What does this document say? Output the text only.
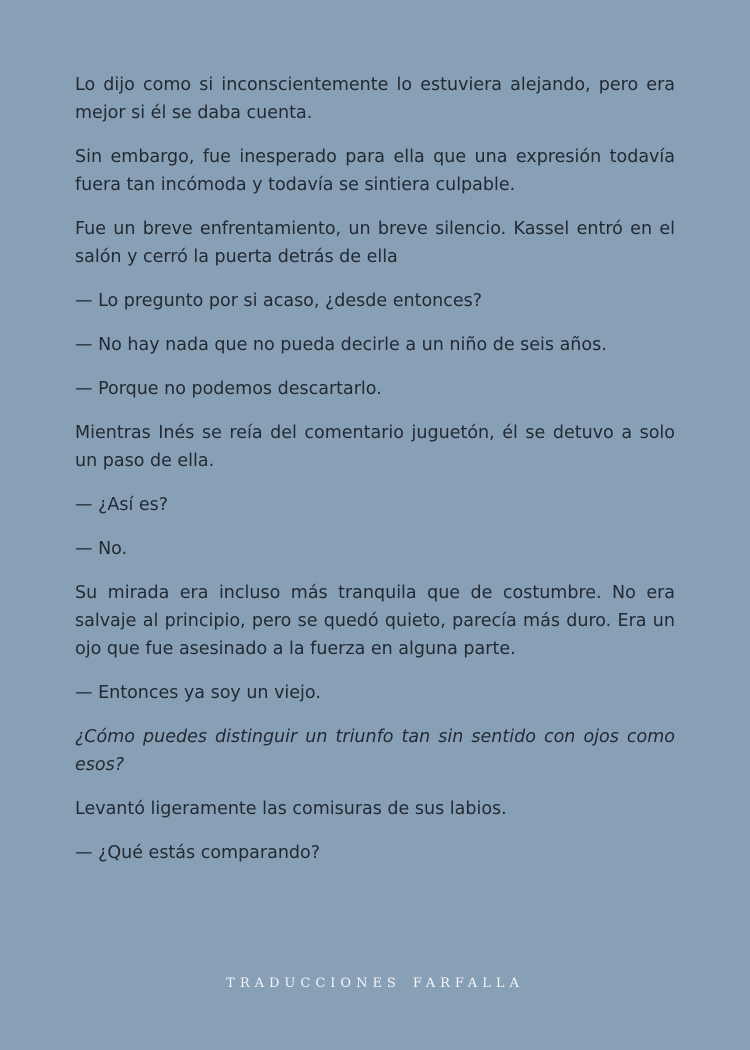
Lo dijo como si inconscientemente lo estuviera alejando, pero era mejor si él se daba cuenta.

Sin embargo, fue inesperado para ella que una expresión todavía fuera tan incómoda y todavía se sintiera culpable.

Fue un breve enfrentamiento, un breve silencio. Kassel entró en el salón y cerró la puerta detrás de ella

— Lo pregunto por si acaso, ¿desde entonces?

— No hay nada que no pueda decirle a un niño de seis años.

— Porque no podemos descartarlo.

Mientras Inés se reía del comentario juguetón, él se detuvo a solo un paso de ella.

— ¿Así es?

— No.

Su mirada era incluso más tranquila que de costumbre. No era salvaje al principio, pero se quedó quieto, parecía más duro. Era un ojo que fue asesinado a la fuerza en alguna parte.

— Entonces ya soy un viejo.

¿Cómo puedes distinguir un triunfo tan sin sentido con ojos como esos?

Levantó ligeramente las comisuras de sus labios.

— ¿Qué estás comparando?

TRADUCCIONES FARFALLA
